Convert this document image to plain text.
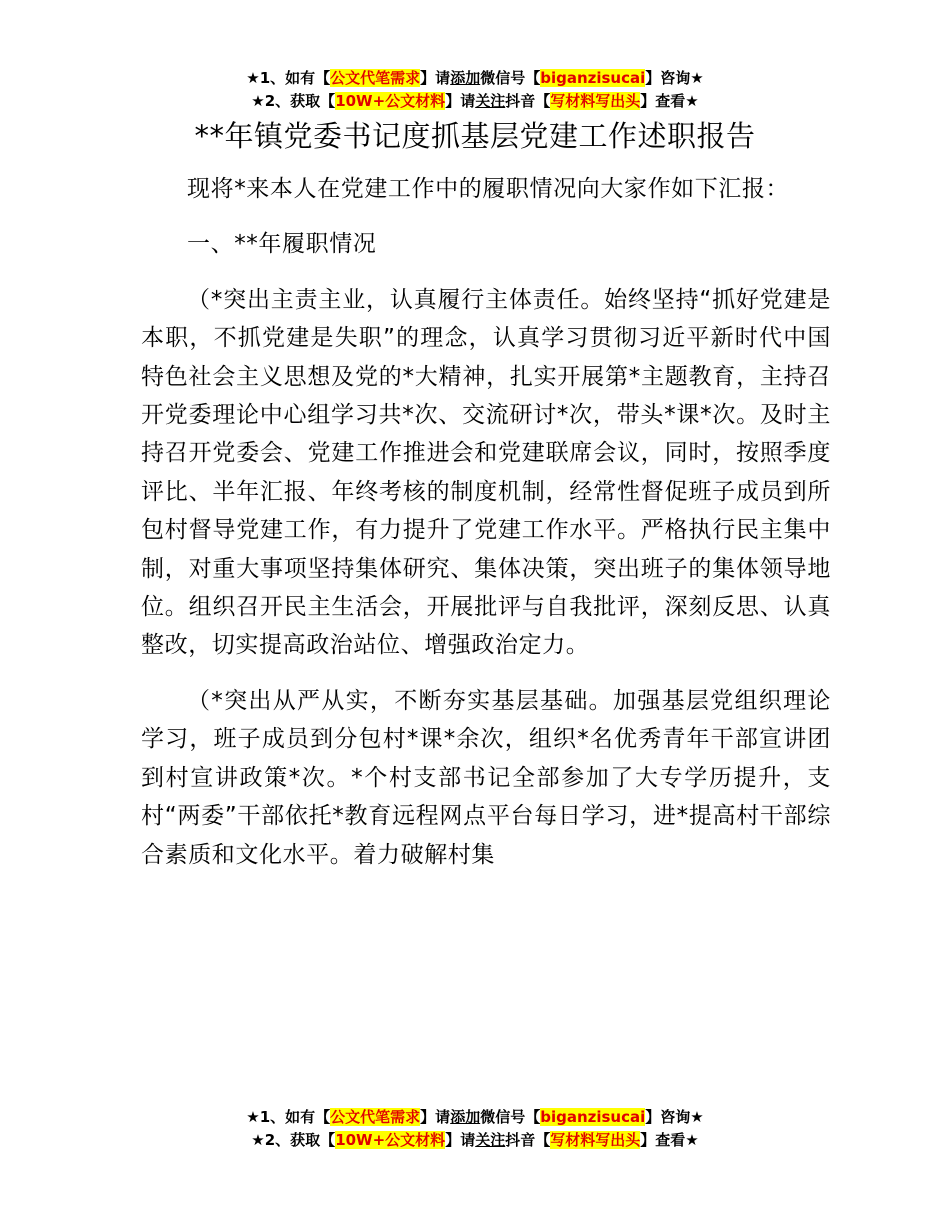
★1、如有【公文代笔需求】请添加微信号【biganzisucai】咨询★
★2、获取【10W+公文材料】请关注抖音【写材料写出头】查看★
**年镇党委书记度抓基层党建工作述职报告

现将*来本人在党建工作中的履职情况向大家作如下汇报：

一、**年履职情况

（*突出主责主业，认真履行主体责任。始终坚持“抓好党建是本职，不抓党建是失职”的理念，认真学习贯彻习近平新时代中国特色社会主义思想及党的*大精神，扎实开展第*主题教育，主持召开党委理论中心组学习共*次、交流研讨*次，带头*课*次。及时主持召开党委会、党建工作推进会和党建联席会议，同时，按照季度评比、半年汇报、年终考核的制度机制，经常性督促班子成员到所包村督导党建工作，有力提升了党建工作水平。严格执行民主集中制，对重大事项坚持集体研究、集体决策，突出班子的集体领导地位。组织召开民主生活会，开展批评与自我批评，深刻反思、认真整改，切实提高政治站位、增强政治定力。

（*突出从严从实，不断夯实基层基础。加强基层党组织理论学习，班子成员到分包村*课*余次，组织*名优秀青年干部宣讲团到村宣讲政策*次。*个村支部书记全部参加了大专学历提升，支村“两委”干部依托*教育远程网点平台每日学习，进*提高村干部综合素质和文化水平。着力破解村集

★1、如有【公文代笔需求】请添加微信号【biganzisucai】咨询★
★2、获取【10W+公文材料】请关注抖音【写材料写出头】查看★
